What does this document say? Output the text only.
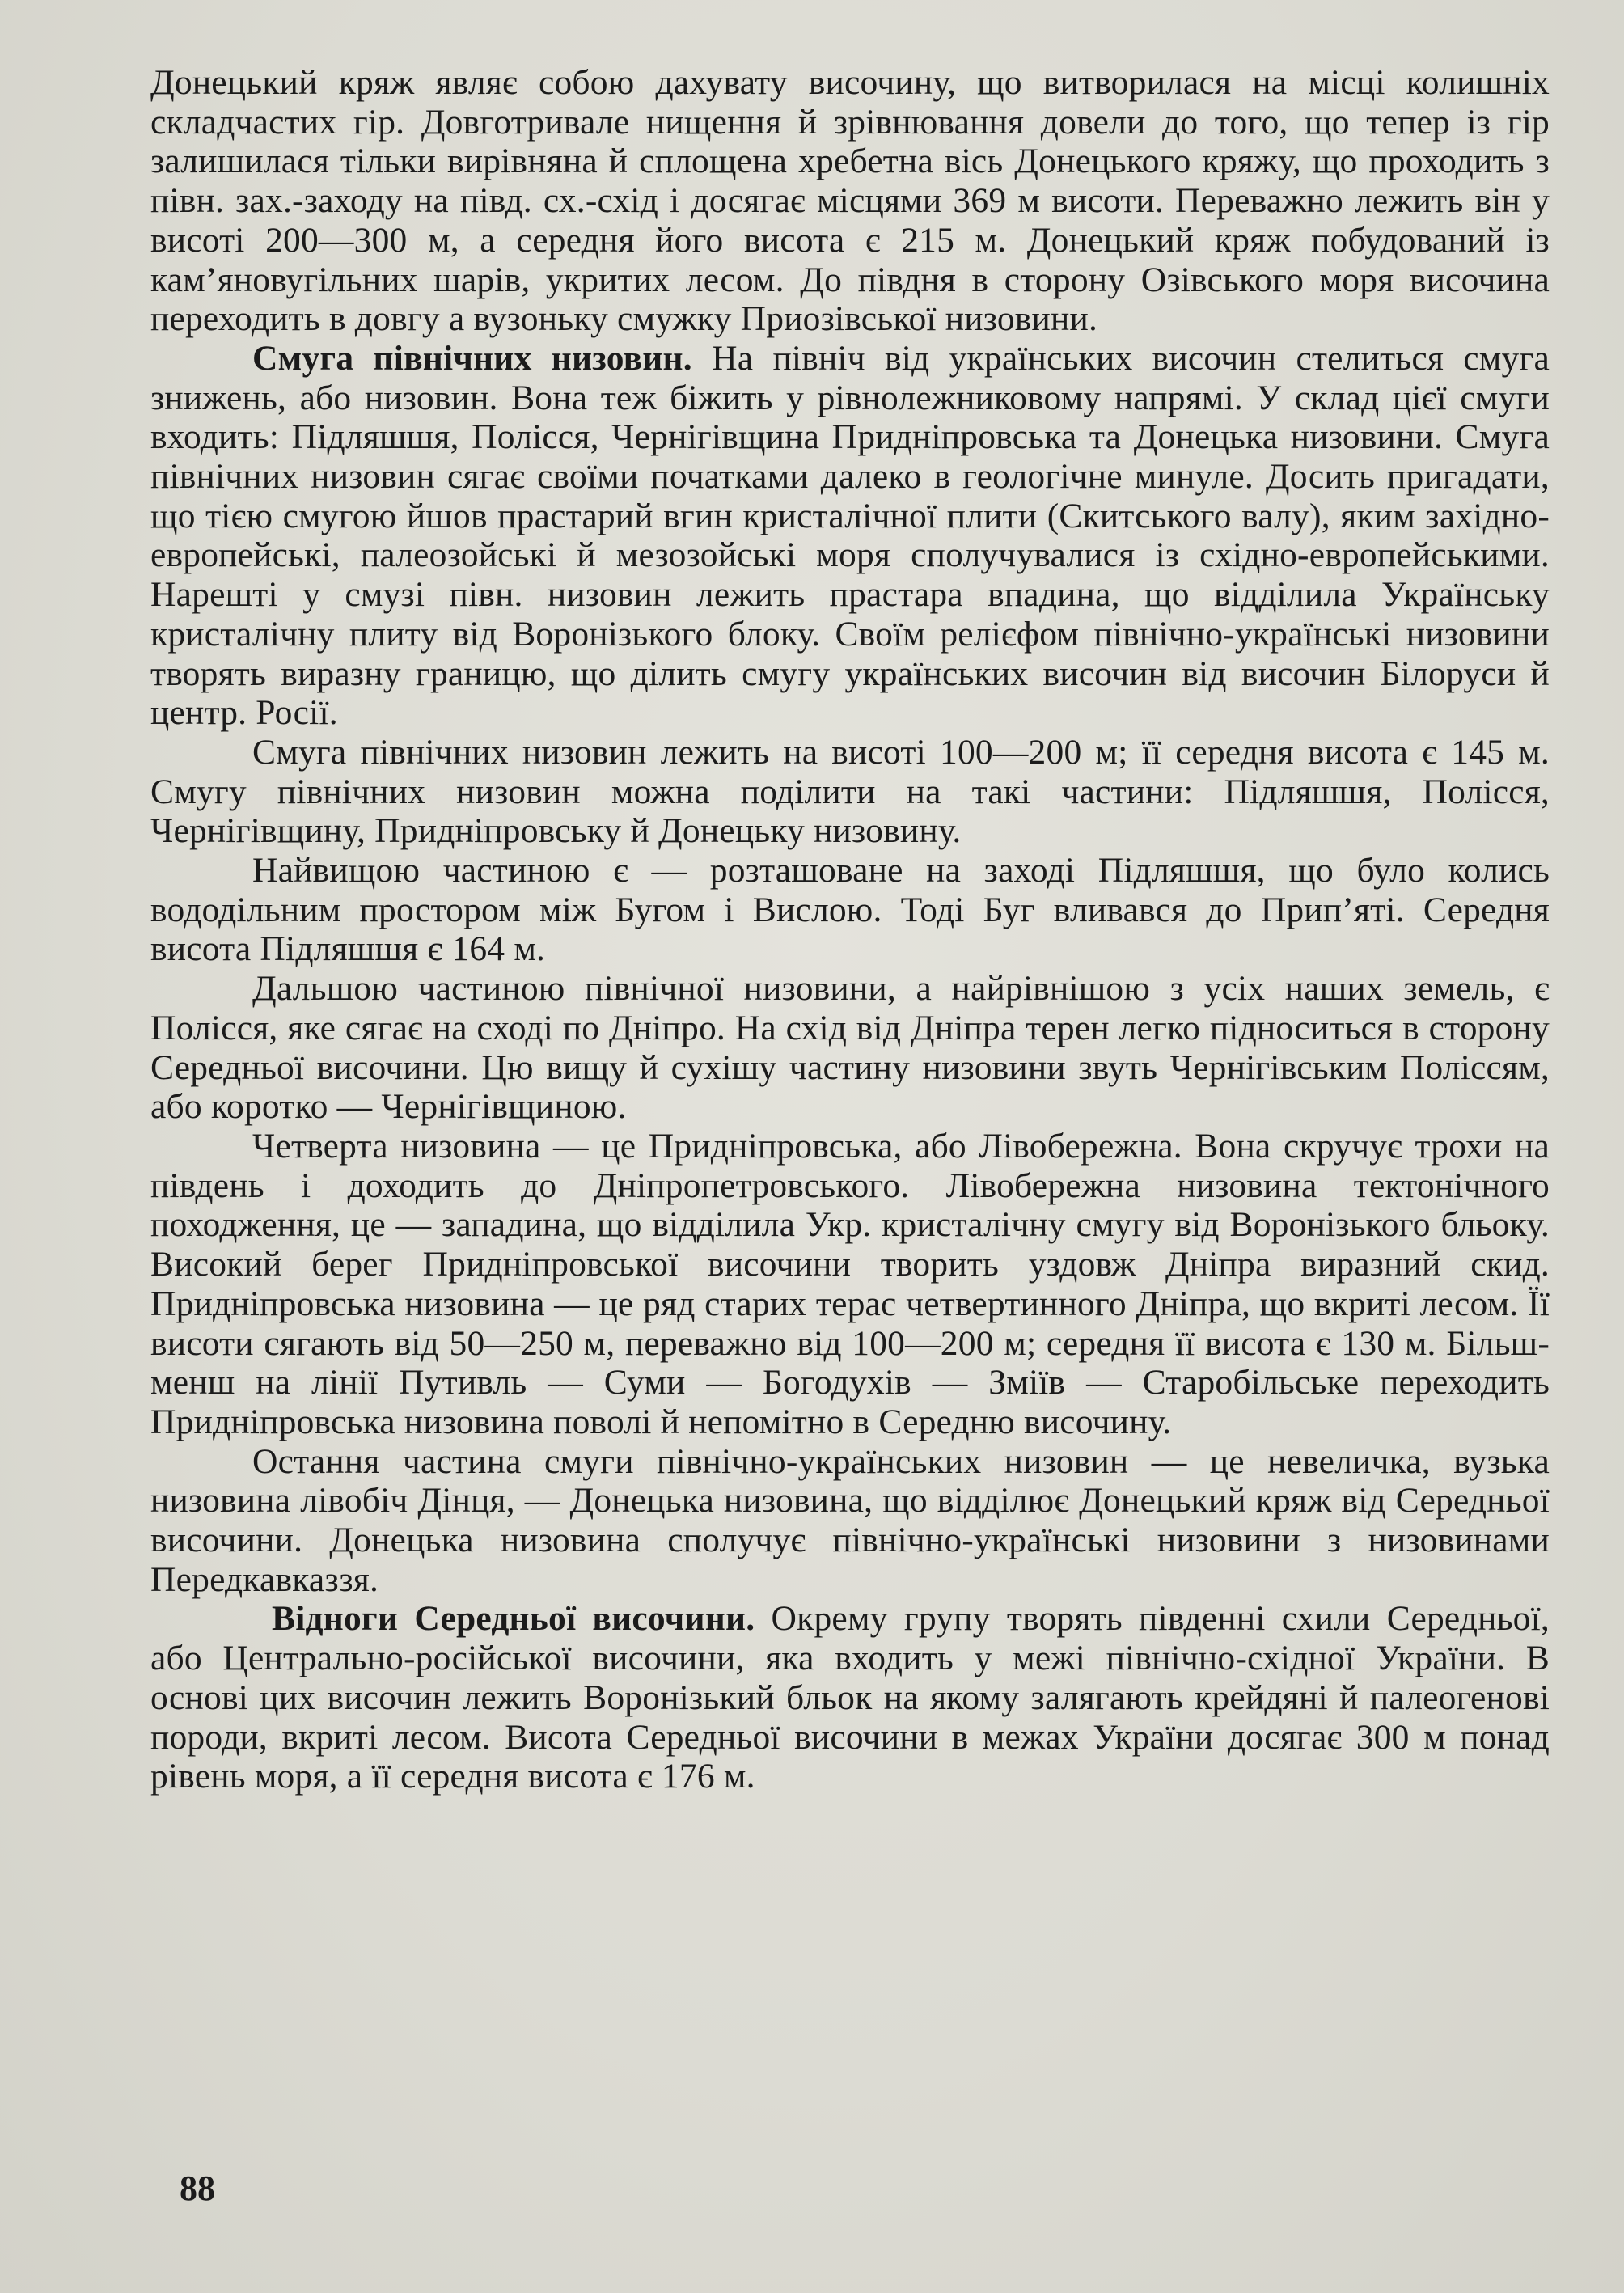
Донецький кряж являє собою дахувату височину, що витворилася на місці колишніх складчастих гір. Довготривале нищення й зрівнювання довели до того, що тепер із гір залишилася тільки вирівняна й сплощена хребетна вісь Донецького кряжу, що проходить з півн. зах.-заходу на півд. сх.-схід і досягає місцями 369 м висоти. Переважно лежить він у висоті 200—300 м, а середня його висота є 215 м. Донецький кряж побудований із кам’яновугільних шарів, укритих лесом. До півдня в сторону Озівського моря височина переходить в довгу а вузоньку смужку Приозівської низовини.

Смуга північних низовин. На північ від українських височин стелиться смуга знижень, або низовин. Вона теж біжить у рівнолежниковому напрямі. У склад цієї смуги входить: Підляшшя, Полісся, Чернігівщина Придніпровська та Донецька низовини. Смуга північних низовин сягає своїми початками далеко в геологічне минуле. Досить пригадати, що тією смугою йшов прастарий вгин кристалічної плити (Скитського валу), яким західно-европейські, палеозойські й мезозойські моря сполучувалися із східно-европейськими. Нарешті у смузі півн. низовин лежить прастара впадина, що відділила Українську кристалічну плиту від Воронізького блоку. Своїм релієфом північно-українські низовини творять виразну границю, що ділить смугу українських височин від височин Білоруси й центр. Росії.

Смуга північних низовин лежить на висоті 100—200 м; її середня висота є 145 м. Смугу північних низовин можна поділити на такі частини: Підляшшя, Полісся, Чернігівщину, Придніпровську й Донецьку низовину.

Найвищою частиною є — розташоване на заході Підляшшя, що було колись вододільним простором між Бугом і Вислою. Тоді Буг вливався до Прип’яті. Середня висота Підляшшя є 164 м.

Дальшою частиною північної низовини, а найрівнішою з усіх наших земель, є Полісся, яке сягає на сході по Дніпро. На схід від Дніпра терен легко підноситься в сторону Середньої височини. Цю вищу й сухішу частину низовини звуть Чернігівським Поліссям, або коротко — Чернігівщиною.

Четверта низовина — це Придніпровська, або Лівобережна. Вона скручує трохи на південь і доходить до Дніпропетровського. Лівобережна низовина тектонічного походження, це — западина, що відділила Укр. кристалічну смугу від Воронізького бльоку. Високий берег Придніпровської височини творить уздовж Дніпра виразний скид. Придніпровська низовина — це ряд старих терас четвертинного Дніпра, що вкриті лесом. Її висоти сягають від 50—250 м, переважно від 100—200 м; середня її висота є 130 м. Більш-менш на лінії Путивль — Суми — Богодухів — Зміїв — Старобільське переходить Придніпровська низовина поволі й непомітно в Середню височину.

Остання частина смуги північно-українських низовин — це невеличка, вузька низовина лівобіч Дінця, — Донецька низовина, що відділює Донецький кряж від Середньої височини. Донецька низовина сполучує північно-українські низовини з низовинами Передкавказзя.

Відноги Середньої височини. Окрему групу творять південні схили Середньої, або Центрально-російської височини, яка входить у межі північно-східної України. В основі цих височин лежить Воронізький бльок на якому залягають крейдяні й палеогенові породи, вкриті лесом. Висота Середньої височини в межах України досягає 300 м понад рівень моря, а її середня висота є 176 м.

88
